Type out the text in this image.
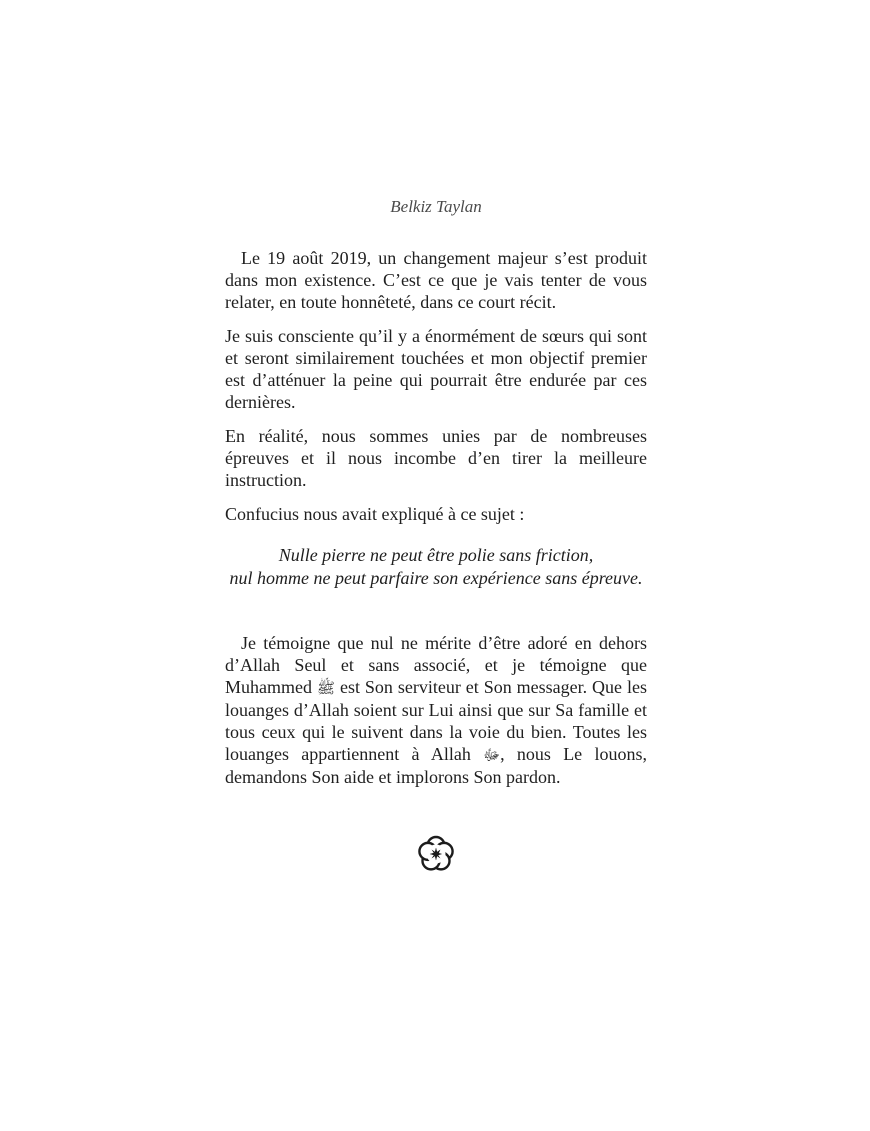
Belkiz Taylan

Le 19 août 2019, un changement majeur s’est produit dans mon existence. C’est ce que je vais tenter de vous relater, en toute honnêteté, dans ce court récit.

Je suis consciente qu’il y a énormément de sœurs qui sont et seront similairement touchées et mon objectif premier est d’atténuer la peine qui pourrait être endurée par ces dernières.

En réalité, nous sommes unies par de nombreuses épreuves et il nous incombe d’en tirer la meilleure instruction.

Confucius nous avait expliqué à ce sujet :

Nulle pierre ne peut être polie sans friction,
nul homme ne peut parfaire son expérience sans épreuve.

Je témoigne que nul ne mérite d’être adoré en dehors d’Allah Seul et sans associé, et je témoigne que Muhammed ﷺ est Son serviteur et Son messager. Que les louanges d’Allah soient sur Lui ainsi que sur Sa famille et tous ceux qui le suivent dans la voie du bien. Toutes les louanges appartiennent à Allah ﷻ, nous Le louons, demandons Son aide et implorons Son pardon.
